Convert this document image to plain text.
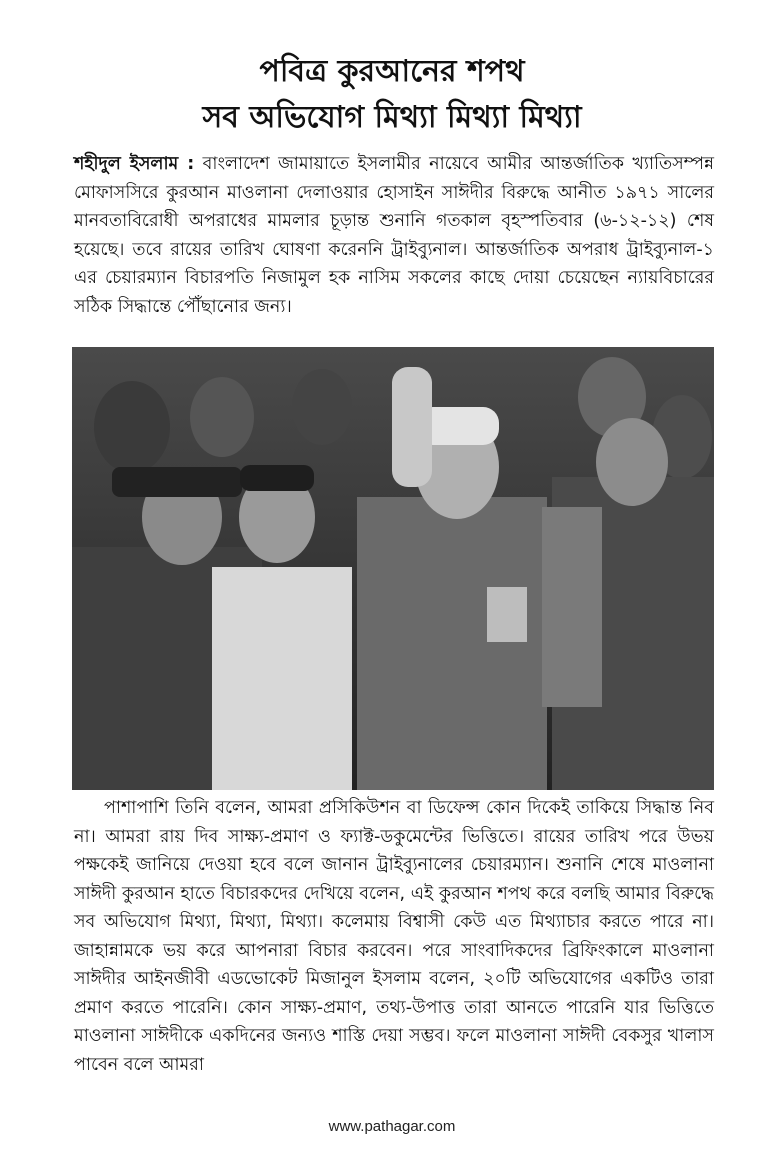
পবিত্র কুরআনের শপথ
সব অভিযোগ মিথ্যা মিথ্যা মিথ্যা
শহীদুল ইসলাম : বাংলাদেশ জামায়াতে ইসলামীর নায়েবে আমীর আন্তর্জাতিক খ্যাতিসম্পন্ন মোফাসসিরে কুরআন মাওলানা দেলাওয়ার হোসাইন সাঈদীর বিরুদ্ধে আনীত ১৯৭১ সালের মানবতাবিরোধী অপরাধের মামলার চূড়ান্ত শুনানি গতকাল বৃহস্পতিবার (৬-১২-১২) শেষ হয়েছে। তবে রায়ের তারিখ ঘোষণা করেননি ট্রাইব্যুনাল। আন্তর্জাতিক অপরাধ ট্রাইব্যুনাল-১ এর চেয়ারম্যান বিচারপতি নিজামুল হক নাসিম সকলের কাছে দোয়া চেয়েছেন ন্যায়বিচারের সঠিক সিদ্ধান্তে পৌঁছানোর জন্য।
পাশাপাশি তিনি বলেন, আমরা প্রসিকিউশন বা ডিফেন্স কোন দিকেই তাকিয়ে সিদ্ধান্ত নিব না। আমরা রায় দিব সাক্ষ্য-প্রমাণ ও ফ্যাক্ট-ডকুমেন্টের ভিত্তিতে। রায়ের তারিখ পরে উভয় পক্ষকেই জানিয়ে দেওয়া হবে বলে জানান ট্রাইব্যুনালের চেয়ারম্যান। শুনানি শেষে মাওলানা সাঈদী কুরআন হাতে বিচারকদের দেখিয়ে বলেন, এই কুরআন শপথ করে বলছি আমার বিরুদ্ধে সব অভিযোগ মিথ্যা, মিথ্যা, মিথ্যা। কলেমায় বিশ্বাসী কেউ এত মিথ্যাচার করতে পারে না। জাহান্নামকে ভয় করে আপনারা বিচার করবেন। পরে সাংবাদিকদের ব্রিফিংকালে মাওলানা সাঈদীর আইনজীবী এডভোকেট মিজানুল ইসলাম বলেন, ২০টি অভিযোগের একটিও তারা প্রমাণ করতে পারেনি। কোন সাক্ষ্য-প্রমাণ, তথ্য-উপাত্ত তারা আনতে পারেনি যার ভিত্তিতে মাওলানা সাঈদীকে একদিনের জন্যও শাস্তি দেয়া সম্ভব। ফলে মাওলানা সাঈদী বেকসুর খালাস পাবেন বলে আমরা
www.pathagar.com
